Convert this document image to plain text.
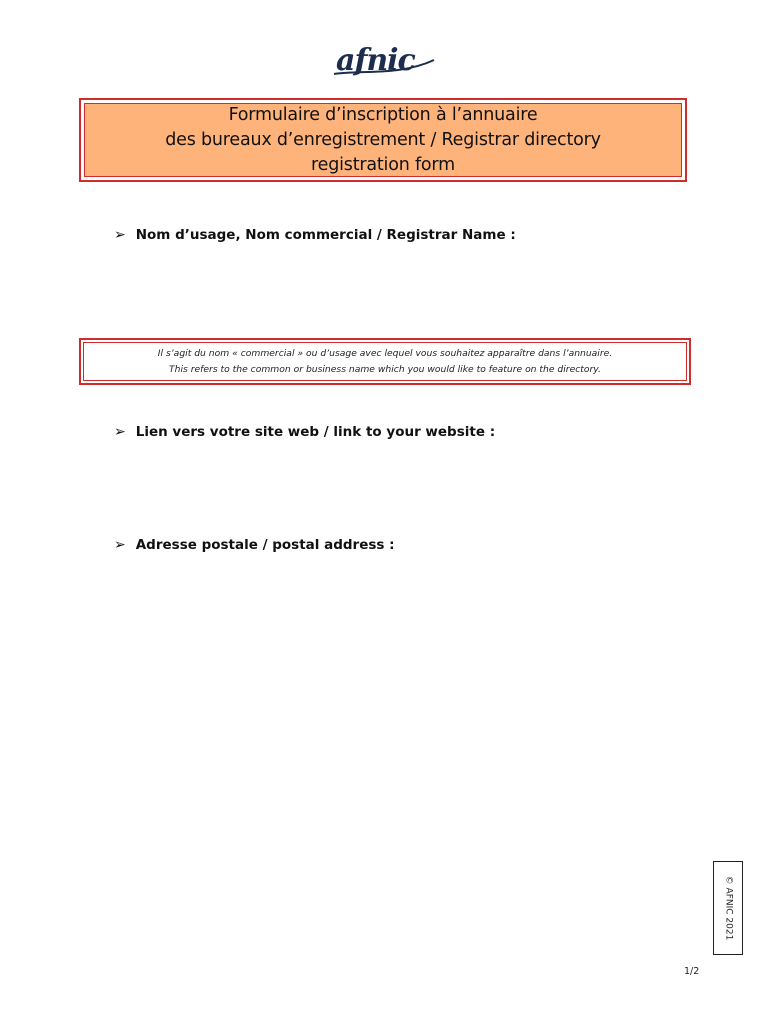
afnic
Formulaire d’inscription à l’annuaire
des bureaux d’enregistrement / Registrar directory
registration form
➢ Nom d’usage, Nom commercial / Registrar Name :
Il s’agit du nom « commercial » ou d’usage avec lequel vous souhaitez apparaître dans l’annuaire.
This refers to the common or business name which you would like to feature on the directory.
➢ Lien vers votre site web / link to your website :
➢ Adresse postale / postal address :
© AFNIC 2021
1/2
